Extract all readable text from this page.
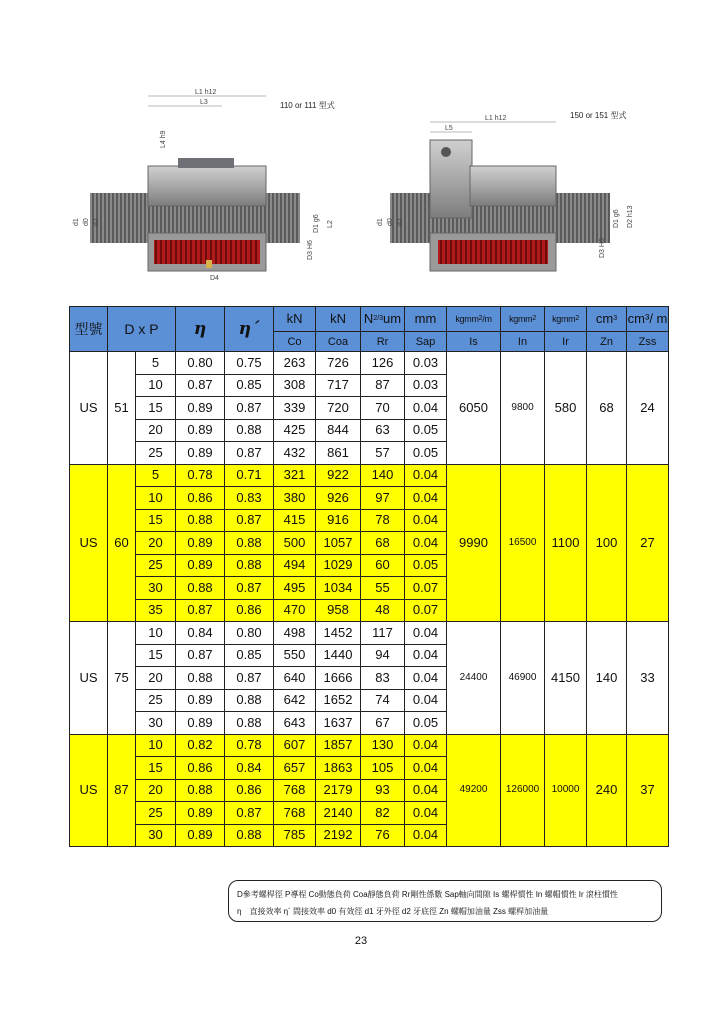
L1 h12
L3
L4 h9
D4
d1 d0 d2	D1 g6 L2
D3 H6
110 or 111 型式
L1 h12
L5
d1 d0 d2	D1 g6 D2 h13
D3 H6
150 or 151 型式
型號	D x P		η	η´	kN	kN	$N^{2/3}um$	mm	kgmm$^2$/m	kgmm$^2$	kgmm$^2$	$cm^3$	cm³/ m
					Co	Coa	Rr	Sap	Is	In	Ir	Zn	Zss
US	51	5	0.80	0.75	263	726	126	0.03	6050	9800	580	68	24
		10	0.87	0.85	308	717	87	0.03					
		15	0.89	0.87	339	720	70	0.04					
		20	0.89	0.88	425	844	63	0.05					
		25	0.89	0.87	432	861	57	0.05					
US	60	5	0.78	0.71	321	922	140	0.04	9990	16500	1100	100	27
		10	0.86	0.83	380	926	97	0.04					
		15	0.88	0.87	415	916	78	0.04					
		20	0.89	0.88	500	1057	68	0.04					
		25	0.89	0.88	494	1029	60	0.05					
		30	0.88	0.87	495	1034	55	0.07					
		35	0.87	0.86	470	958	48	0.07					
US	75	10	0.84	0.80	498	1452	117	0.04	24400	46900	4150	140	33
		15	0.87	0.85	550	1440	94	0.04					
		20	0.88	0.87	640	1666	83	0.04					
		25	0.89	0.88	642	1652	74	0.04					
		30	0.89	0.88	643	1637	67	0.05					
US	87	10	0.82	0.78	607	1857	130	0.04	49200	126000	10000	240	37
		15	0.86	0.84	657	1863	105	0.04					
		20	0.88	0.86	768	2179	93	0.04					
		25	0.89	0.87	768	2140	82	0.04					
		30	0.89	0.88	785	2192	76	0.04					
D參考螺桿徑 P導程 Co動態負荷 Coa靜態負荷 Rr剛性係數 Sap軸向間隙 Is 螺桿慣性 In 螺帽慣性 Ir 滾柱慣性
η　直接效率 η´ 間接效率 d0 有效徑 d1 牙外徑 d2 牙底徑 Zn 螺帽加油量 Zss 螺桿加油量
23
